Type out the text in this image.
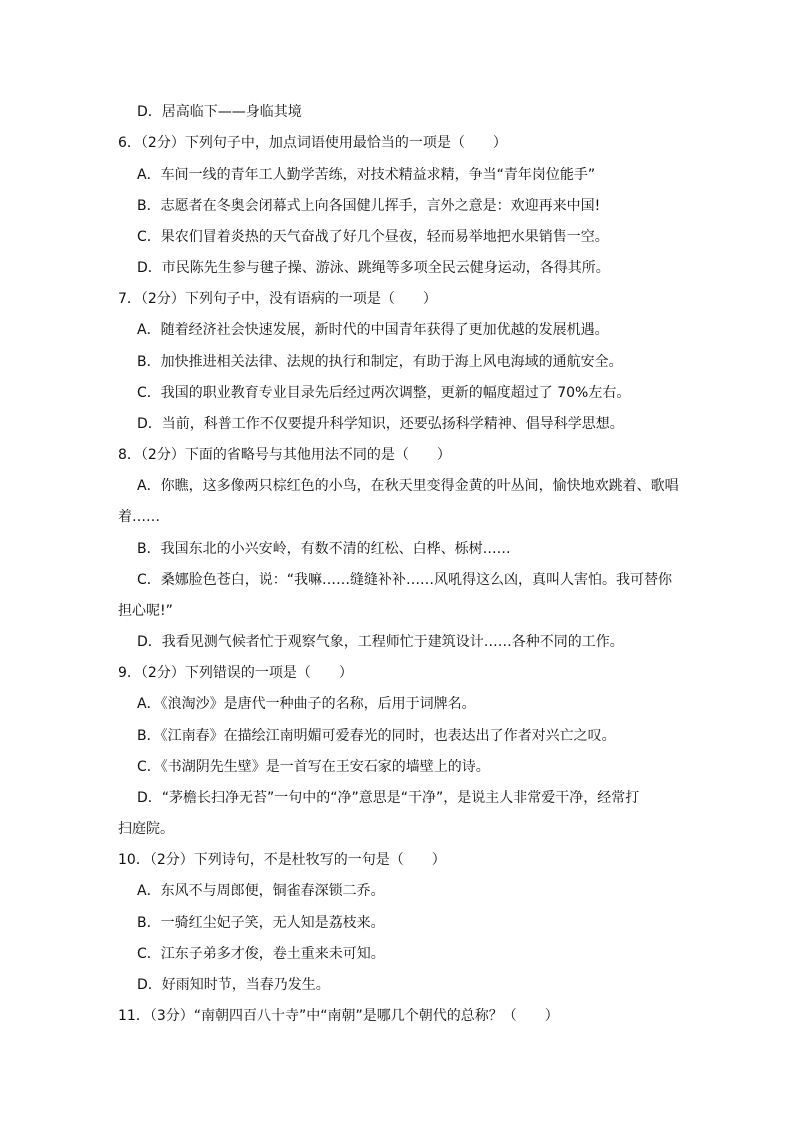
D．居高临下——身临其境
6．（2分）下列句子中，加点词语使用最恰当的一项是（　　）
A．车间一线的青年工人勤学苦练，对技术精益求精，争当“青年岗位能手”
B．志愿者在冬奥会闭幕式上向各国健儿挥手，言外之意是：欢迎再来中国!
C．果农们冒着炎热的天气奋战了好几个昼夜，轻而易举地把水果销售一空。
D．市民陈先生参与毽子操、游泳、跳绳等多项全民云健身运动，各得其所。
7．（2分）下列句子中，没有语病的一项是（　　）
A．随着经济社会快速发展，新时代的中国青年获得了更加优越的发展机遇。
B．加快推进相关法律、法规的执行和制定，有助于海上风电海域的通航安全。
C．我国的职业教育专业目录先后经过两次调整，更新的幅度超过了 70%左右。
D．当前，科普工作不仅要提升科学知识，还要弘扬科学精神、倡导科学思想。
8．（2分）下面的省略号与其他用法不同的是（　　）
A．你瞧，这多像两只棕红色的小鸟，在秋天里变得金黄的叶丛间，愉快地欢跳着、歌唱
着……
B．我国东北的小兴安岭，有数不清的红松、白桦、栎树……
C．桑娜脸色苍白，说：“我嘛……缝缝补补……风吼得这么凶，真叫人害怕。我可替你
担心呢!”
D．我看见测气候者忙于观察气象，工程师忙于建筑设计……各种不同的工作。
9．（2分）下列错误的一项是（　　）
A．《浪淘沙》是唐代一种曲子的名称，后用于词牌名。
B．《江南春》在描绘江南明媚可爱春光的同时，也表达出了作者对兴亡之叹。
C．《书湖阴先生壁》是一首写在王安石家的墙壁上的诗。
D．“茅檐长扫净无苔”一句中的“净”意思是“干净”，是说主人非常爱干净，经常打
扫庭院。
10．（2分）下列诗句，不是杜牧写的一句是（　　）
A．东风不与周郎便，铜雀春深锁二乔。
B．一骑红尘妃子笑，无人知是荔枝来。
C．江东子弟多才俊，卷土重来未可知。
D．好雨知时节，当春乃发生。
11．（3分）“南朝四百八十寺”中“南朝”是哪几个朝代的总称？（　　）
